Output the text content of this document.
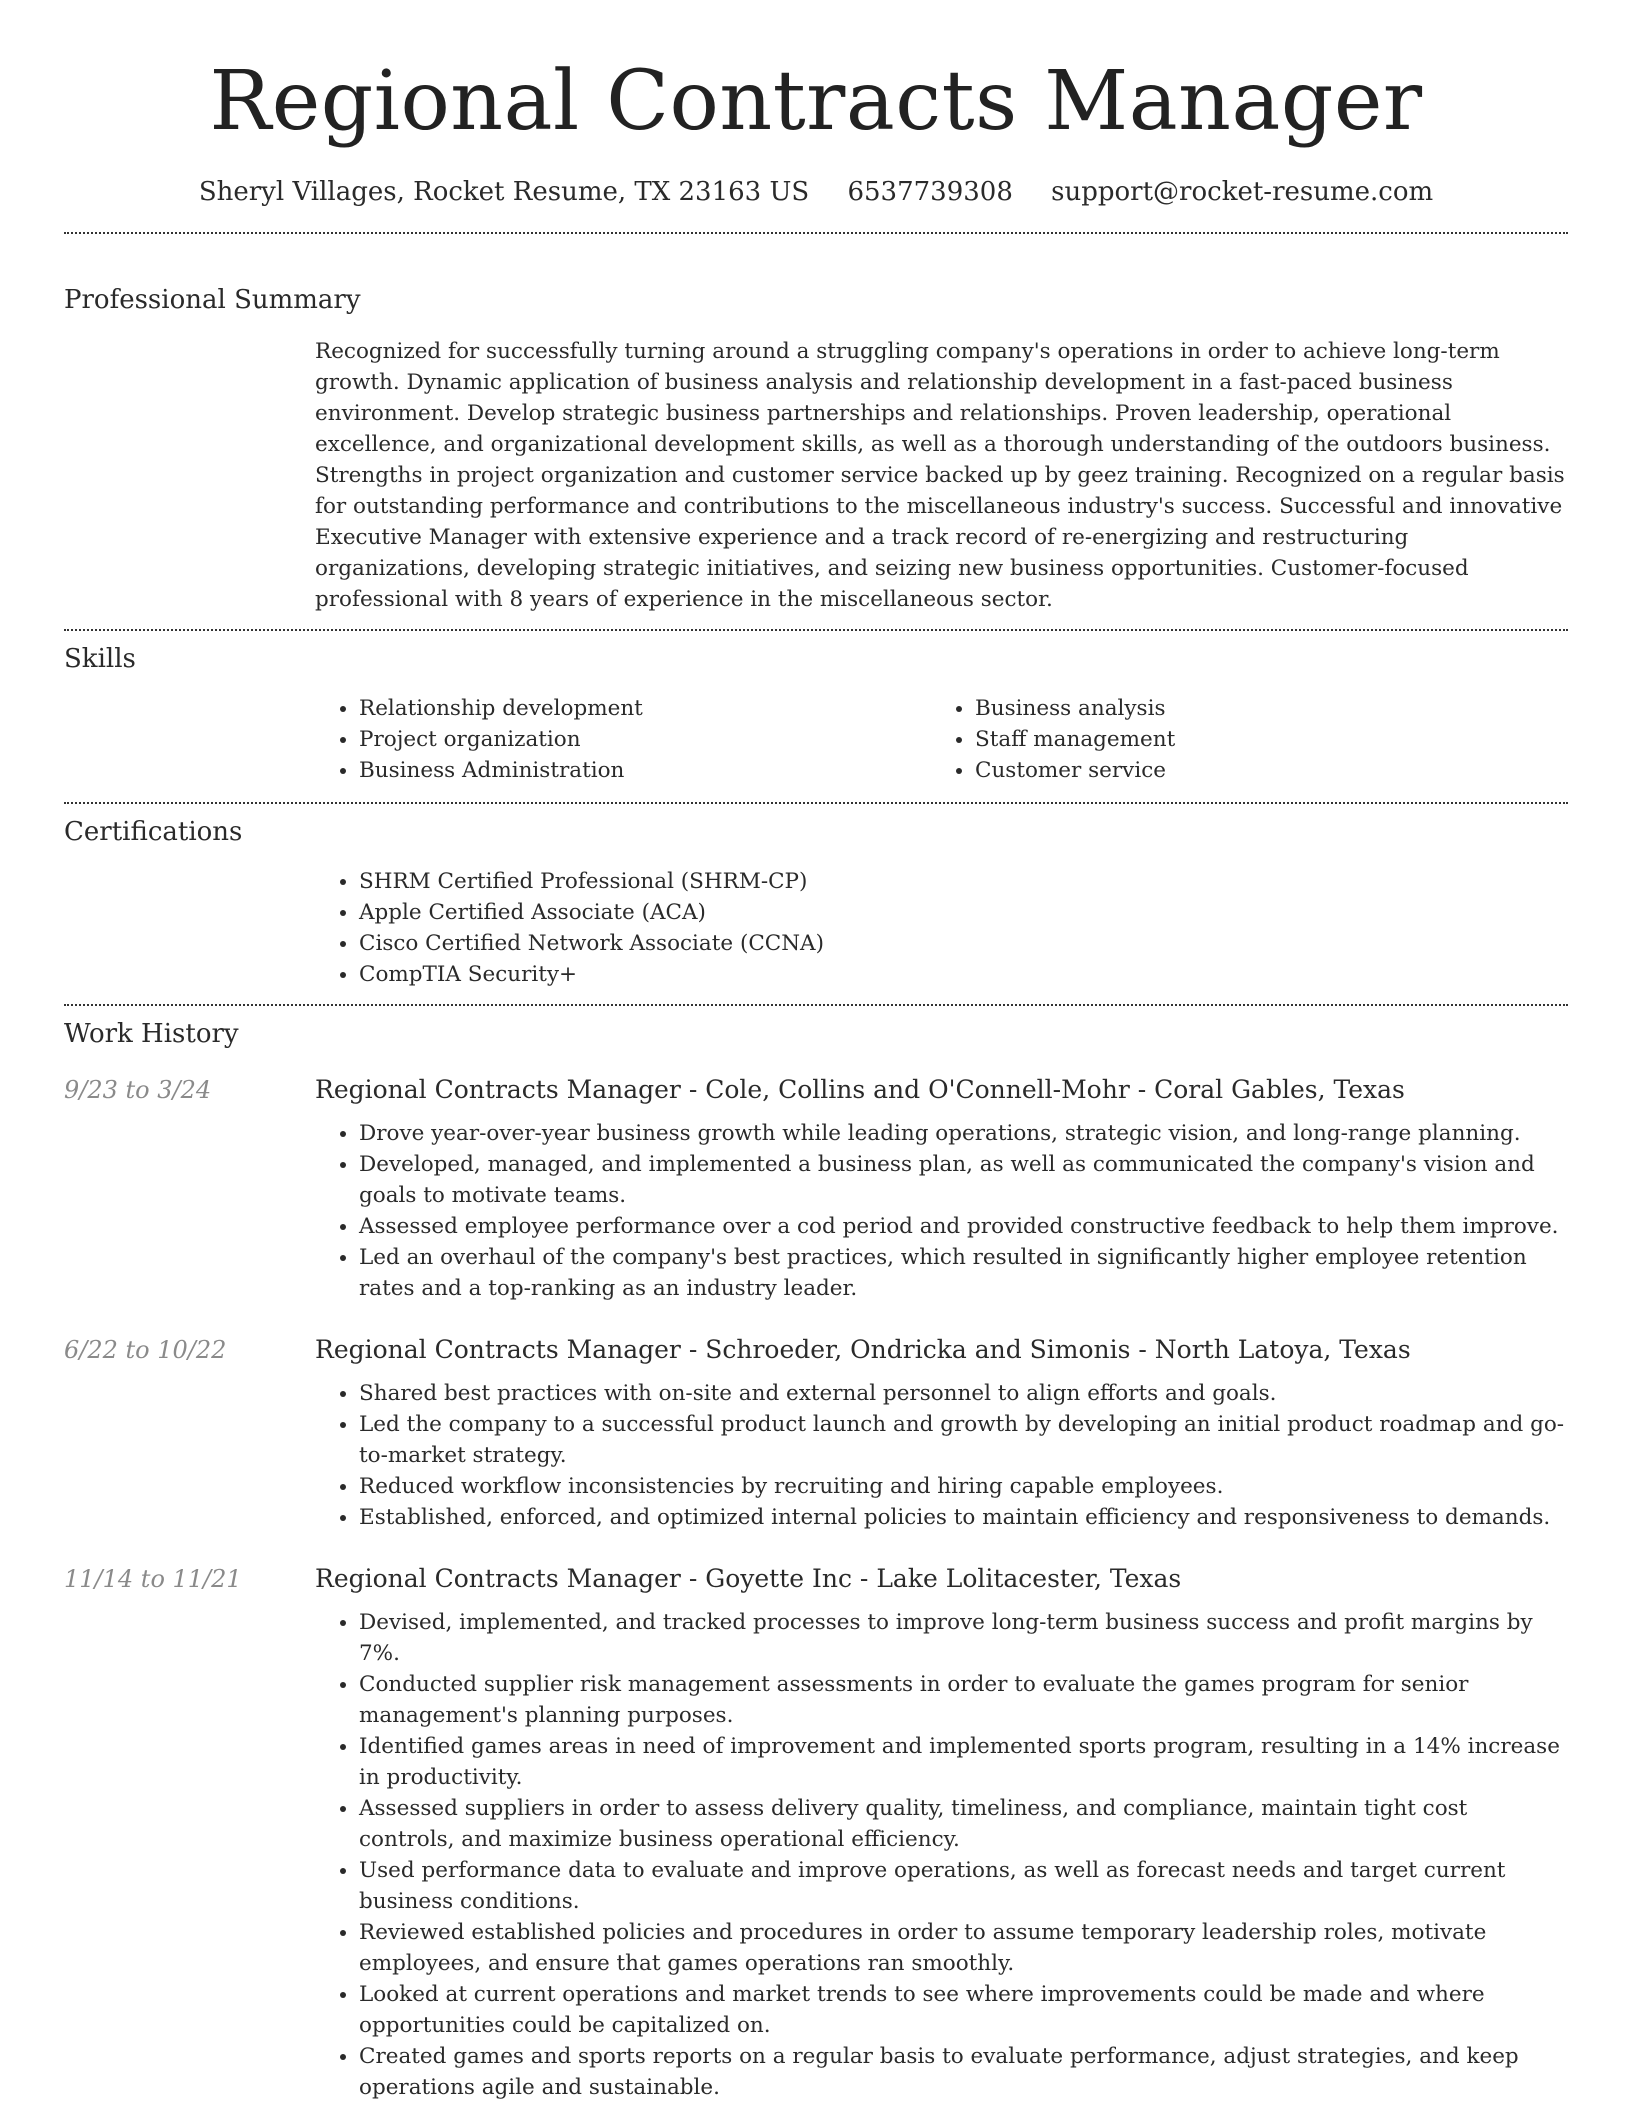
Regional Contracts Manager
Sheryl Villages, Rocket Resume, TX 23163 US 6537739308 support@rocket-resume.com
Professional Summary
Recognized for successfully turning around a struggling company's operations in order to achieve long-term growth. Dynamic application of business analysis and relationship development in a fast-paced business environment. Develop strategic business partnerships and relationships. Proven leadership, operational excellence, and organizational development skills, as well as a thorough understanding of the outdoors business. Strengths in project organization and customer service backed up by geez training. Recognized on a regular basis for outstanding performance and contributions to the miscellaneous industry's success. Successful and innovative Executive Manager with extensive experience and a track record of re-energizing and restructuring organizations, developing strategic initiatives, and seizing new business opportunities. Customer-focused professional with 8 years of experience in the miscellaneous sector.
Skills
• Relationship development
• Project organization
• Business Administration
• Business analysis
• Staff management
• Customer service
Certifications
• SHRM Certified Professional (SHRM-CP)
• Apple Certified Associate (ACA)
• Cisco Certified Network Associate (CCNA)
• CompTIA Security+
Work History
9/23 to 3/24	Regional Contracts Manager - Cole, Collins and O'Connell-Mohr - Coral Gables, Texas
• Drove year-over-year business growth while leading operations, strategic vision, and long-range planning.
• Developed, managed, and implemented a business plan, as well as communicated the company's vision and goals to motivate teams.
• Assessed employee performance over a cod period and provided constructive feedback to help them improve.
• Led an overhaul of the company's best practices, which resulted in significantly higher employee retention rates and a top-ranking as an industry leader.
6/22 to 10/22	Regional Contracts Manager - Schroeder, Ondricka and Simonis - North Latoya, Texas
• Shared best practices with on-site and external personnel to align efforts and goals.
• Led the company to a successful product launch and growth by developing an initial product roadmap and go-to-market strategy.
• Reduced workflow inconsistencies by recruiting and hiring capable employees.
• Established, enforced, and optimized internal policies to maintain efficiency and responsiveness to demands.
11/14 to 11/21	Regional Contracts Manager - Goyette Inc - Lake Lolitacester, Texas
• Devised, implemented, and tracked processes to improve long-term business success and profit margins by 7%.
• Conducted supplier risk management assessments in order to evaluate the games program for senior management's planning purposes.
• Identified games areas in need of improvement and implemented sports program, resulting in a 14% increase in productivity.
• Assessed suppliers in order to assess delivery quality, timeliness, and compliance, maintain tight cost controls, and maximize business operational efficiency.
• Used performance data to evaluate and improve operations, as well as forecast needs and target current business conditions.
• Reviewed established policies and procedures in order to assume temporary leadership roles, motivate employees, and ensure that games operations ran smoothly.
• Looked at current operations and market trends to see where improvements could be made and where opportunities could be capitalized on.
• Created games and sports reports on a regular basis to evaluate performance, adjust strategies, and keep operations agile and sustainable.
